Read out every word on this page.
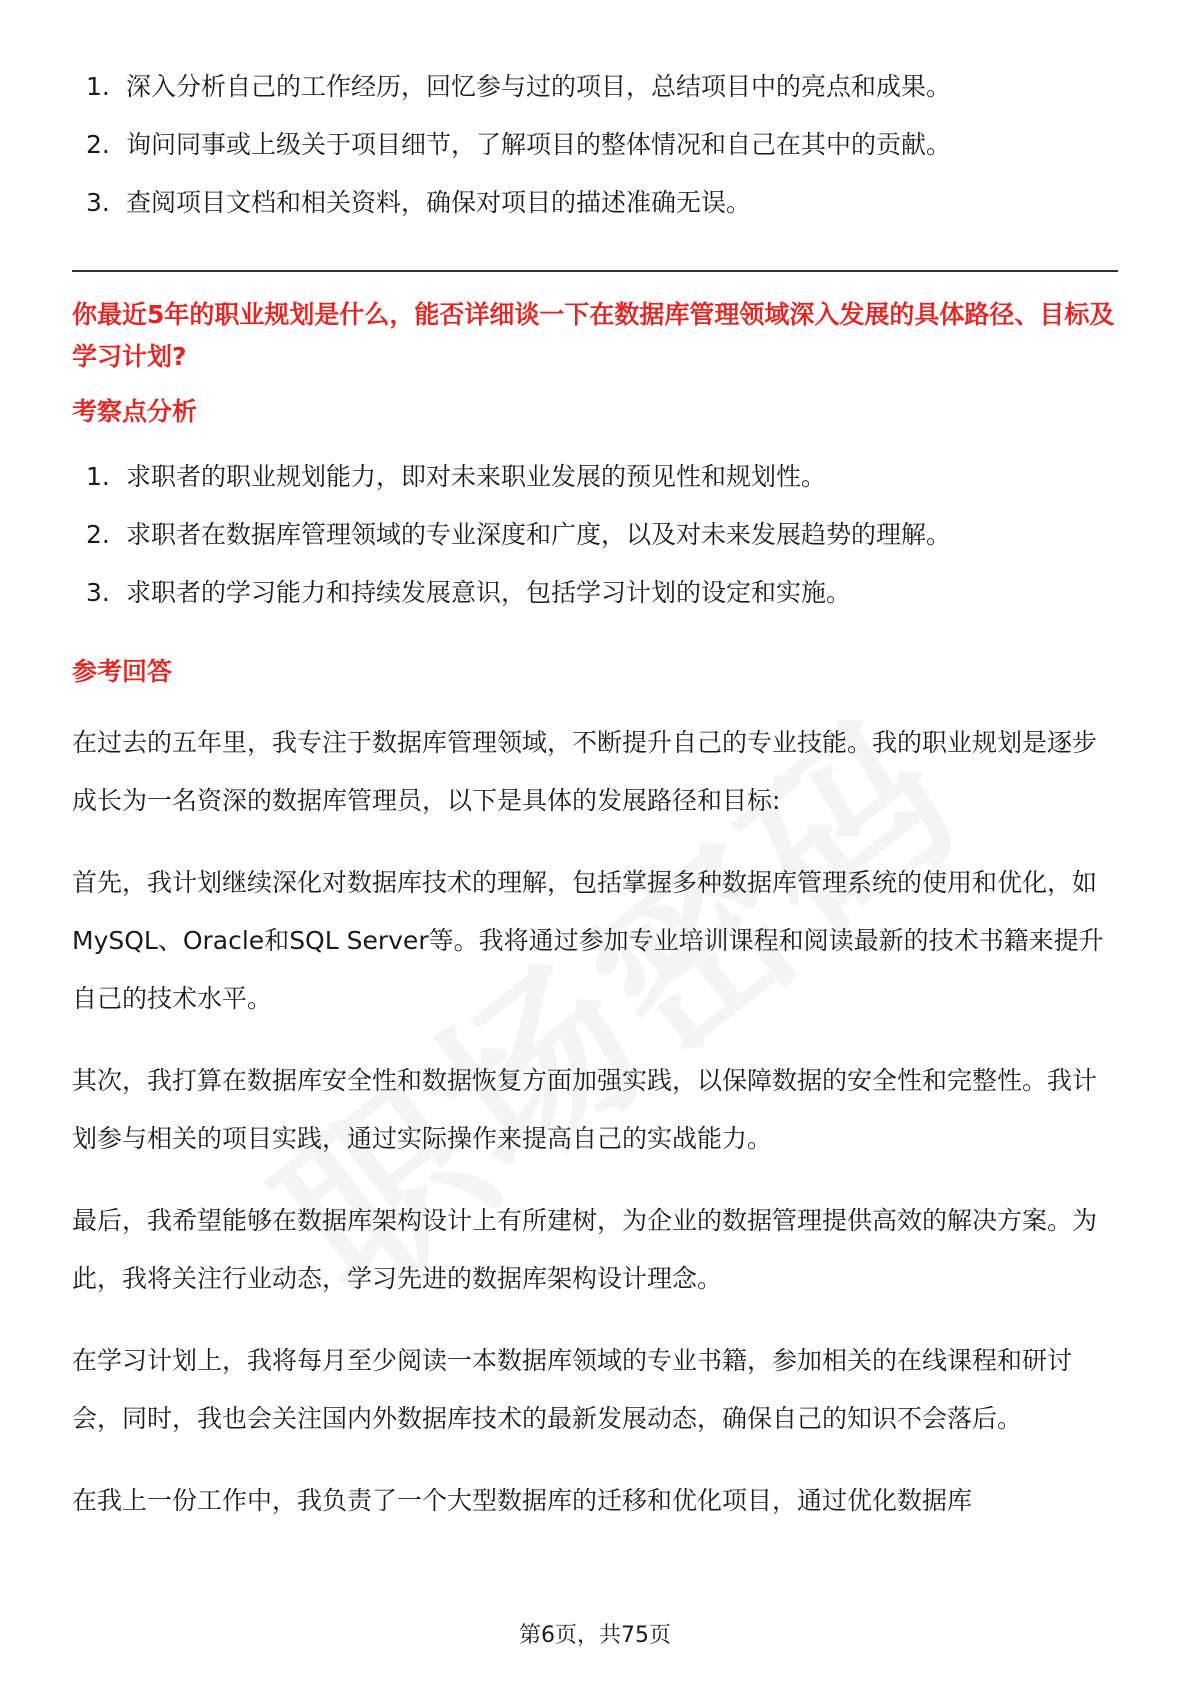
1. 深入分析自己的工作经历，回忆参与过的项目，总结项目中的亮点和成果。
2. 询问同事或上级关于项目细节，了解项目的整体情况和自己在其中的贡献。
3. 查阅项目文档和相关资料，确保对项目的描述准确无误。

你最近5年的职业规划是什么，能否详细谈一下在数据库管理领域深入发展的具体路径、目标及学习计划?

考察点分析
1. 求职者的职业规划能力，即对未来职业发展的预见性和规划性。
2. 求职者在数据库管理领域的专业深度和广度，以及对未来发展趋势的理解。
3. 求职者的学习能力和持续发展意识，包括学习计划的设定和实施。
参考回答

在过去的五年里，我专注于数据库管理领域，不断提升自己的专业技能。我的职业规划是逐步成长为一名资深的数据库管理员，以下是具体的发展路径和目标:

首先，我计划继续深化对数据库技术的理解，包括掌握多种数据库管理系统的使用和优化，如MySQL、Oracle和SQL Server等。我将通过参加专业培训课程和阅读最新的技术书籍来提升自己的技术水平。

其次，我打算在数据库安全性和数据恢复方面加强实践，以保障数据的安全性和完整性。我计划参与相关的项目实践，通过实际操作来提高自己的实战能力。

最后，我希望能够在数据库架构设计上有所建树，为企业的数据管理提供高效的解决方案。为此，我将关注行业动态，学习先进的数据库架构设计理念。

在学习计划上，我将每月至少阅读一本数据库领域的专业书籍，参加相关的在线课程和研讨会，同时，我也会关注国内外数据库技术的最新发展动态，确保自己的知识不会落后。

在我上一份工作中，我负责了一个大型数据库的迁移和优化项目，通过优化数据库

第6页，共75页
